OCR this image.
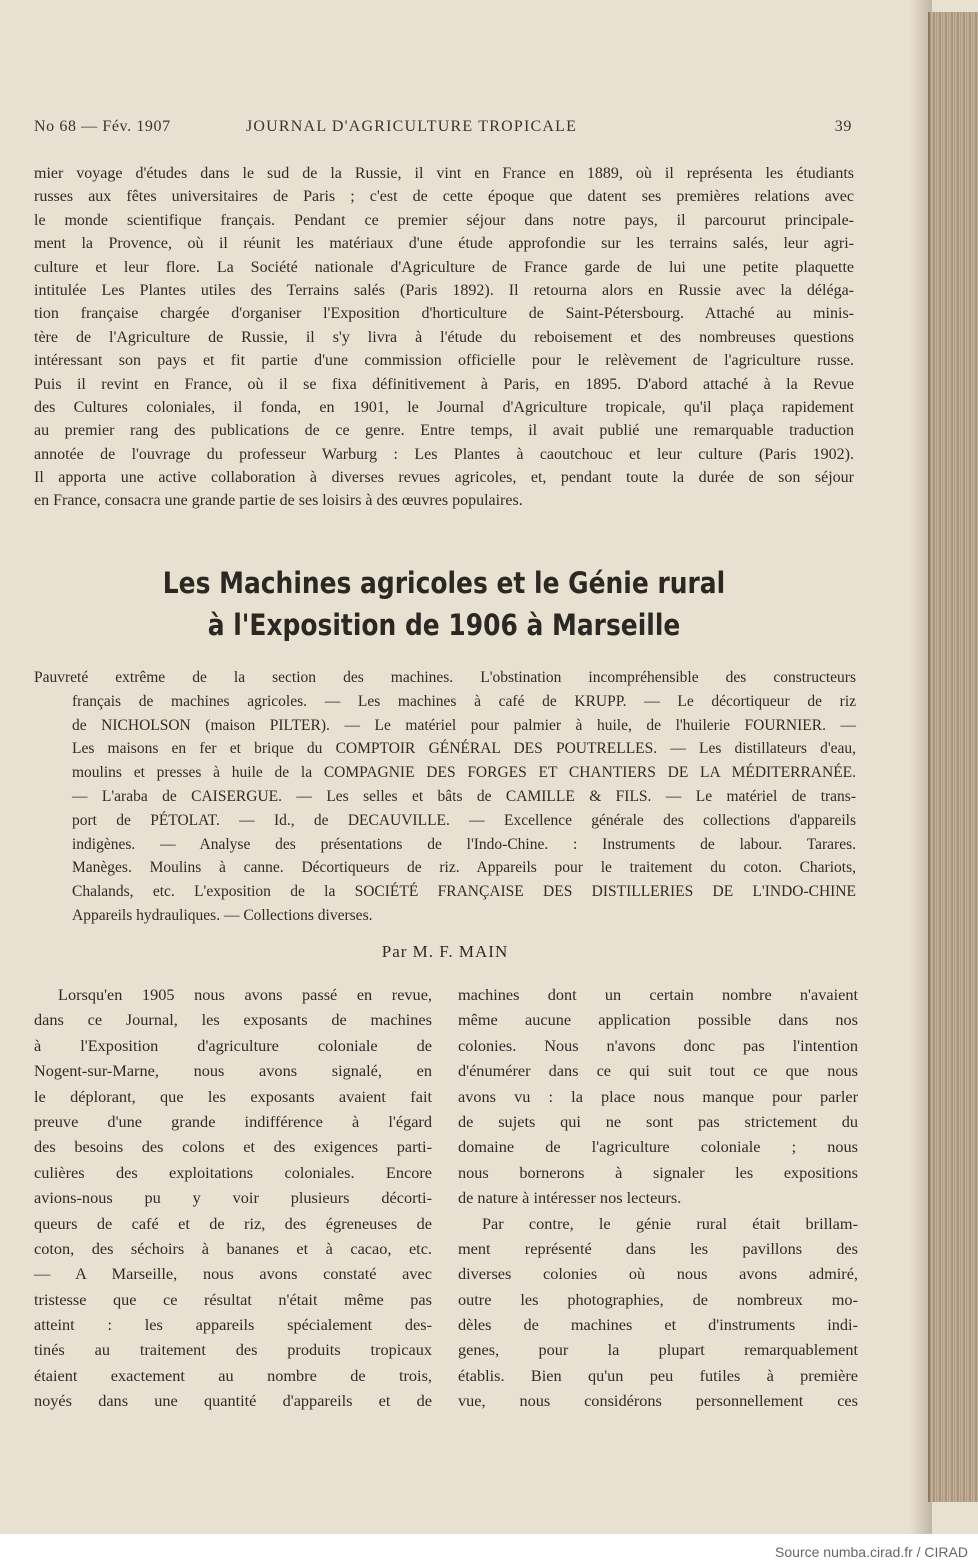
No 68 — Fév. 1907	JOURNAL D'AGRICULTURE TROPICALE	39
mier voyage d'études dans le sud de la Russie, il vint en France en 1889, où il représenta les étudiants
russes aux fêtes universitaires de Paris ; c'est de cette époque que datent ses premières relations avec
le monde scientifique français. Pendant ce premier séjour dans notre pays, il parcourut principale-
ment la Provence, où il réunit les matériaux d'une étude approfondie sur les terrains salés, leur agri-
culture et leur flore. La Société nationale d'Agriculture de France garde de lui une petite plaquette
intitulée Les Plantes utiles des Terrains salés (Paris 1892). Il retourna alors en Russie avec la déléga-
tion française chargée d'organiser l'Exposition d'horticulture de Saint-Pétersbourg. Attaché au minis-
tère de l'Agriculture de Russie, il s'y livra à l'étude du reboisement et des nombreuses questions
intéressant son pays et fit partie d'une commission officielle pour le relèvement de l'agriculture russe.
Puis il revint en France, où il se fixa définitivement à Paris, en 1895. D'abord attaché à la Revue
des Cultures coloniales, il fonda, en 1901, le Journal d'Agriculture tropicale, qu'il plaça rapidement
au premier rang des publications de ce genre. Entre temps, il avait publié une remarquable traduction
annotée de l'ouvrage du professeur Warburg : Les Plantes à caoutchouc et leur culture (Paris 1902).
Il apporta une active collaboration à diverses revues agricoles, et, pendant toute la durée de son séjour
en France, consacra une grande partie de ses loisirs à des œuvres populaires.
Les Machines agricoles et le Génie rural
à l'Exposition de 1906 à Marseille
Pauvreté extrême de la section des machines. L'obstination incompréhensible des constructeurs
français de machines agricoles. — Les machines à café de KRUPP. — Le décortiqueur de riz
de NICHOLSON (maison PILTER). — Le matériel pour palmier à huile, de l'huilerie FOURNIER. —
Les maisons en fer et brique du COMPTOIR GÉNÉRAL DES POUTRELLES. — Les distillateurs d'eau,
moulins et presses à huile de la COMPAGNIE DES FORGES ET CHANTIERS DE LA MÉDITERRANÉE.
— L'araba de CAISERGUE. — Les selles et bâts de CAMILLE & FILS. — Le matériel de trans-
port de PÉTOLAT. — Id., de DECAUVILLE. — Excellence générale des collections d'appareils
indigènes. — Analyse des présentations de l'Indo-Chine. : Instruments de labour. Tarares.
Manèges. Moulins à canne. Décortiqueurs de riz. Appareils pour le traitement du coton. Chariots,
Chalands, etc. L'exposition de la SOCIÉTÉ FRANÇAISE DES DISTILLERIES DE L'INDO-CHINE
Appareils hydrauliques. — Collections diverses.
Par M. F. MAIN
Lorsqu'en 1905 nous avons passé en revue,
dans ce Journal, les exposants de machines
à l'Exposition d'agriculture coloniale de
Nogent-sur-Marne, nous avons signalé, en
le déplorant, que les exposants avaient fait
preuve d'une grande indifférence à l'égard
des besoins des colons et des exigences parti-
culières des exploitations coloniales. Encore
avions-nous pu y voir plusieurs décorti-
queurs de café et de riz, des égreneuses de
coton, des séchoirs à bananes et à cacao, etc.
— A Marseille, nous avons constaté avec
tristesse que ce résultat n'était même pas
atteint : les appareils spécialement des-
tinés au traitement des produits tropicaux
étaient exactement au nombre de trois,
noyés dans une quantité d'appareils et de
machines dont un certain nombre n'avaient
même aucune application possible dans nos
colonies. Nous n'avons donc pas l'intention
d'énumérer dans ce qui suit tout ce que nous
avons vu : la place nous manque pour parler
de sujets qui ne sont pas strictement du
domaine de l'agriculture coloniale ; nous
nous bornerons à signaler les expositions
de nature à intéresser nos lecteurs.
Par contre, le génie rural était brillam-
ment représenté dans les pavillons des
diverses colonies où nous avons admiré,
outre les photographies, de nombreux mo-
dèles de machines et d'instruments indi-
genes, pour la plupart remarquablement
établis. Bien qu'un peu futiles à première
vue, nous considérons personnellement ces
Source numba.cirad.fr / CIRAD
